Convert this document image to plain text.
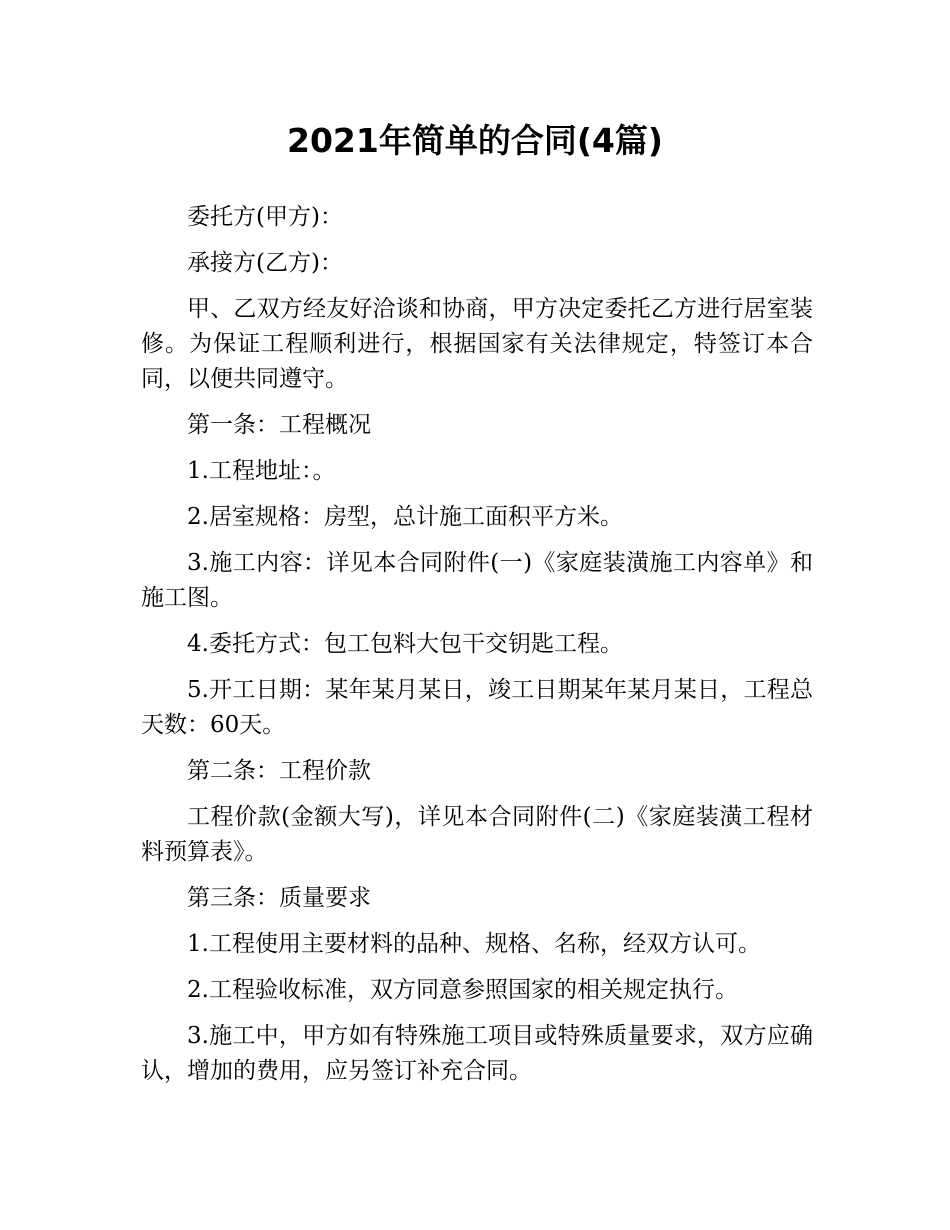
2021年简单的合同(4篇)

委托方(甲方)：

承接方(乙方)：

甲、乙双方经友好洽谈和协商，甲方决定委托乙方进行居室装修。为保证工程顺利进行，根据国家有关法律规定，特签订本合同，以便共同遵守。

第一条：工程概况

1.工程地址：。

2.居室规格：房型，总计施工面积平方米。

3.施工内容：详见本合同附件(一)《家庭装潢施工内容单》和施工图。

4.委托方式：包工包料大包干交钥匙工程。

5.开工日期：某年某月某日，竣工日期某年某月某日，工程总天数：60天。

第二条：工程价款

工程价款(金额大写)，详见本合同附件(二)《家庭装潢工程材料预算表》。

第三条：质量要求

1.工程使用主要材料的品种、规格、名称，经双方认可。

2.工程验收标准，双方同意参照国家的相关规定执行。

3.施工中，甲方如有特殊施工项目或特殊质量要求，双方应确认，增加的费用，应另签订补充合同。
